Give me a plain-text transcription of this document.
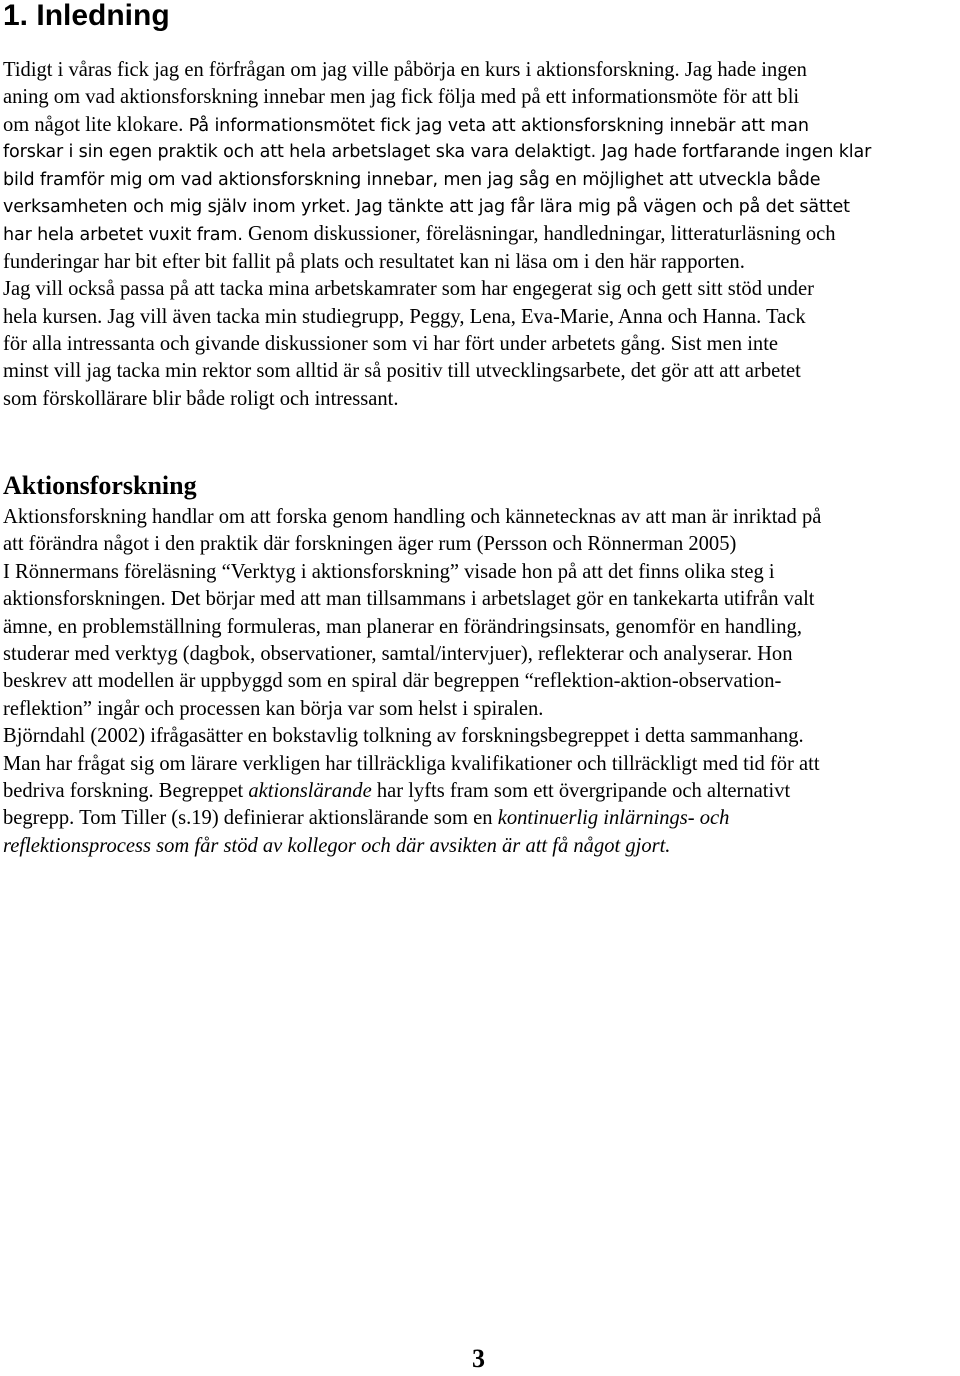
1. Inledning
Tidigt i våras fick jag en förfrågan om jag ville påbörja en kurs i aktionsforskning. Jag hade ingen
aning om vad aktionsforskning innebar men jag fick följa med på ett informationsmöte för att bli
om något lite klokare. På informationsmötet fick jag veta att aktionsforskning innebär att man
forskar i sin egen praktik och att hela arbetslaget ska vara delaktigt. Jag hade fortfarande ingen klar
bild framför mig om vad aktionsforskning innebar, men jag såg en möjlighet att utveckla både
verksamheten och mig själv inom yrket. Jag tänkte att jag får lära mig på vägen och på det sättet
har hela arbetet vuxit fram. Genom diskussioner, föreläsningar, handledningar, litteraturläsning och
funderingar har bit efter bit fallit på plats och resultatet kan ni läsa om i den här rapporten.
Jag vill också passa på att tacka mina arbetskamrater som har engegerat sig och gett sitt stöd under
hela kursen. Jag vill även tacka min studiegrupp, Peggy, Lena, Eva-Marie, Anna och Hanna. Tack
för alla intressanta och givande diskussioner som vi har fört under arbetets gång. Sist men inte
minst vill jag tacka min rektor som alltid är så positiv till utvecklingsarbete, det gör att att arbetet
som förskollärare blir både roligt och intressant.
Aktionsforskning
Aktionsforskning handlar om att forska genom handling och kännetecknas av att man är inriktad på
att förändra något i den praktik där forskningen äger rum (Persson och Rönnerman 2005)
I Rönnermans föreläsning “Verktyg i aktionsforskning” visade hon på att det finns olika steg i
aktionsforskningen. Det börjar med att man tillsammans i arbetslaget gör en tankekarta utifrån valt
ämne, en problemställning formuleras, man planerar en förändringsinsats, genomför en handling,
studerar med verktyg (dagbok, observationer, samtal/intervjuer), reflekterar och analyserar. Hon
beskrev att modellen är uppbyggd som en spiral där begreppen “reflektion-aktion-observation-
reflektion” ingår och processen kan börja var som helst i spiralen.
Björndahl (2002) ifrågasätter en bokstavlig tolkning av forskningsbegreppet i detta sammanhang.
Man har frågat sig om lärare verkligen har tillräckliga kvalifikationer och tillräckligt med tid för att
bedriva forskning. Begreppet aktionslärande har lyfts fram som ett övergripande och alternativt
begrepp. Tom Tiller (s.19) definierar aktionslärande som en kontinuerlig inlärnings- och
reflektionsprocess som får stöd av kollegor och där avsikten är att få något gjort.
3
